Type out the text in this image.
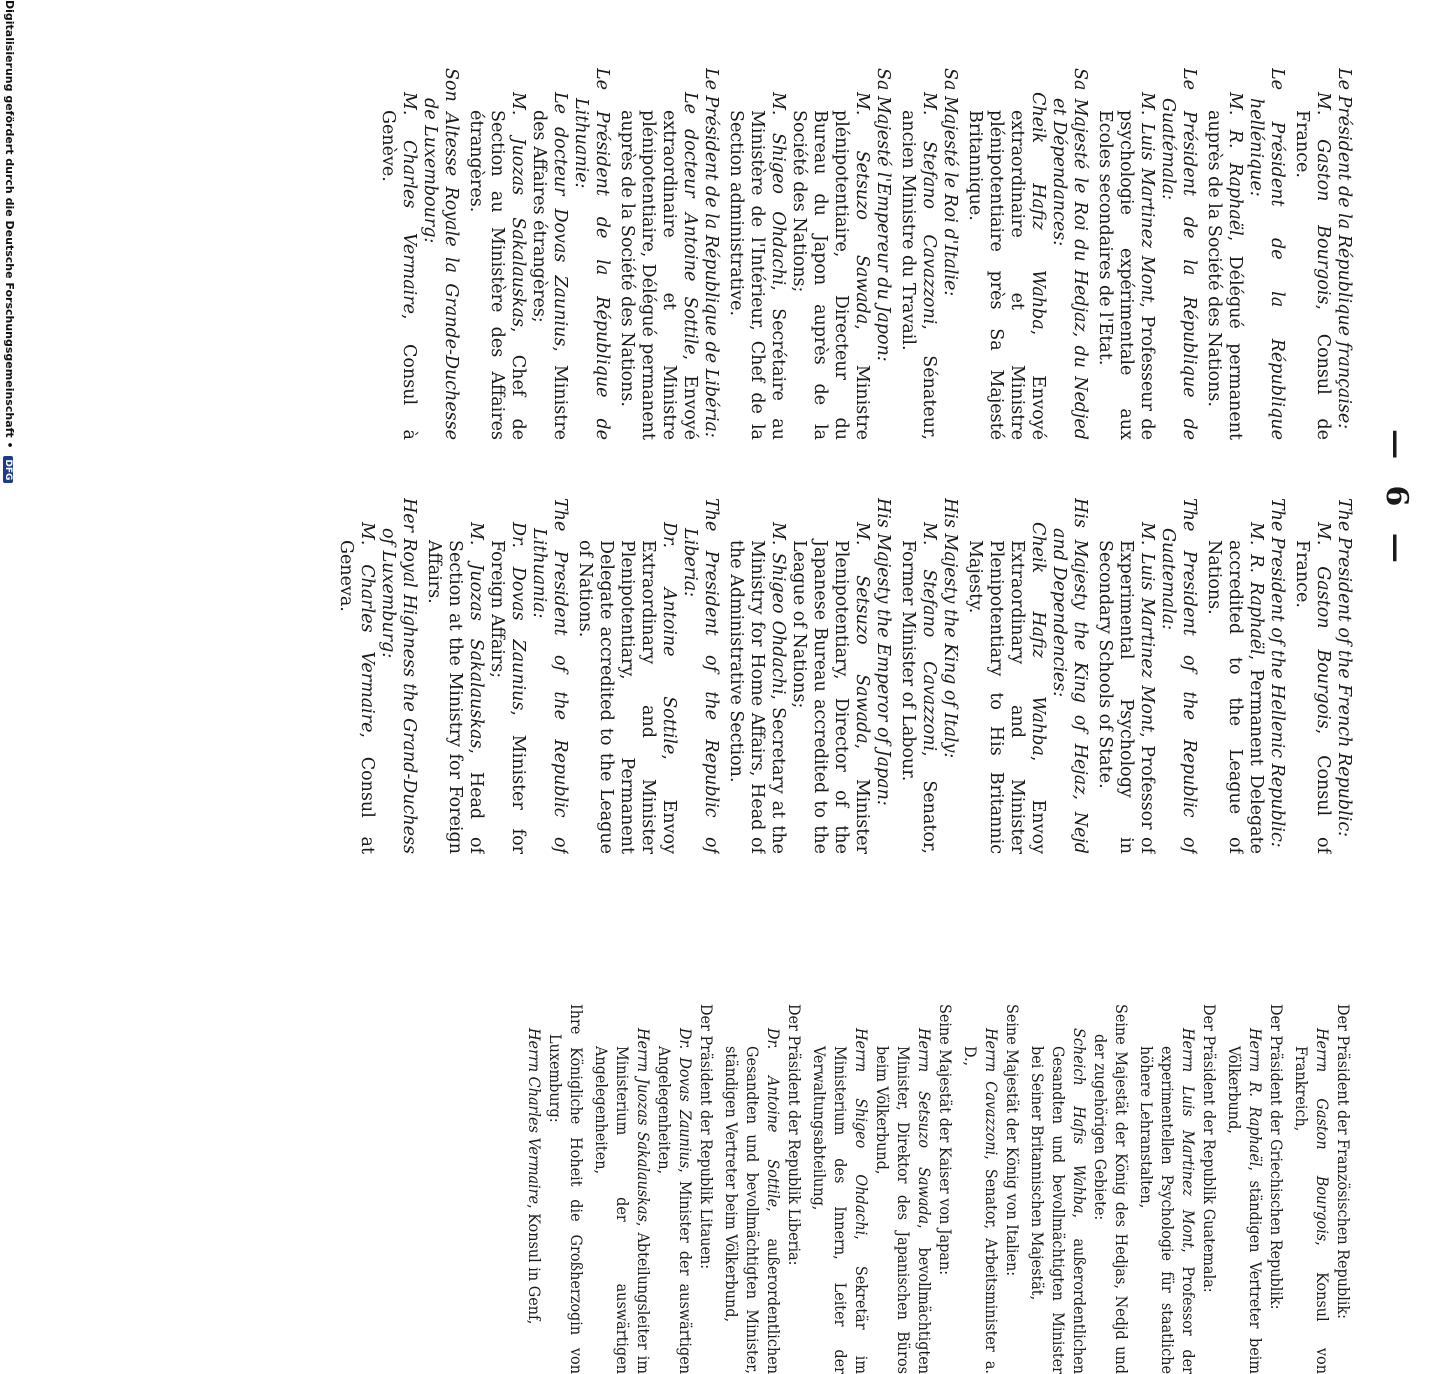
— 6 —

Le Président de la République française:

M. Gaston Bourgois, Consul de France.

Le Président de la République hellénique:

M. R. Raphaël, Délégué permanent auprès de la Société des Nations.

Le Président de la République de Guatémala:

M. Luis Martinez Mont, Professeur de psychologie expérimentale aux Ecoles secondaires de l'Etat.

Sa Majesté le Roi du Hedjaz, du Nedjed et Dépendances:

Cheik Hafiz Wahba, Envoyé extraordinaire et Ministre plénipotentiaire près Sa Majesté Britannique.

Sa Majesté le Roi d'Italie:

M. Stefano Cavazzoni, Sénateur, ancien Ministre du Travail.

Sa Majesté l'Empereur du Japon:

M. Setsuzo Sawada, Ministre plénipotentiaire, Directeur du Bureau du Japon auprès de la Société des Nations;

M. Shigeo Ohdachi, Secrétaire au Ministère de l'Intérieur, Chef de la Section administrative.

Le Président de la République de Libéria:

Le docteur Antoine Sottile, Envoyé extraordinaire et Ministre plénipotentiaire, Délégué permanent auprès de la Société des Nations.

Le Président de la République de Lithuanie:

Le docteur Dovas Zaunius, Ministre des Affaires étrangères;

M. Juozas Sakalauskas, Chef de Section au Ministère des Affaires étrangères.

Son Altesse Royale la Grande-Duchesse de Luxembourg:

M. Charles Vermaire, Consul à Genève.

The President of the French Republic:

M. Gaston Bourgois, Consul of France.

The President of the Hellenic Republic:

M. R. Raphaël, Permanent Delegate accredited to the League of Nations.

The President of the Republic of Guatemala:

M. Luis Martinez Mont, Professor of Experimental Psychology in Secondary Schools of State.

His Majesty the King of Hejaz, Nejd and Dependencies:

Cheik Hafiz Wahba, Envoy Extraordinary and Minister Plenipotentiary to His Britannic Majesty.

His Majesty the King of Italy:

M. Stefano Cavazzoni, Senator, Former Minister of Labour.

His Majesty the Emperor of Japan:

M. Setsuzo Sawada, Minister Plenipotentiary, Director of the Japanese Bureau accredited to the League of Nations;

M. Shigeo Ohdachi, Secretary at the Ministry for Home Affairs, Head of the Administrative Section.

The President of the Republic of Liberia:

Dr. Antoine Sottile, Envoy Extraordinary and Minister Plenipotentiary, Permanent Delegate accredited to the League of Nations.

The President of the Republic of Lithuania:

Dr. Dovas Zaunius, Minister for Foreign Affairs;

M. Juozas Sakalauskas, Head of Section at the Ministry for Foreign Affairs.

Her Royal Highness the Grand-Duchess of Luxemburg:

M. Charles Vermaire, Consul at Geneva.

Der Präsident der Französischen Republik:

Herrn Gaston Bourgois, Konsul von Frankreich,

Der Präsident der Griechischen Republik:

Herrn R. Raphaël, ständigen Vertreter beim Völkerbund,

Der Präsident der Republik Guatemala:

Herrn Luis Martinez Mont, Professor der experimentellen Psychologie für staatliche höhere Lehranstalten,

Seine Majestät der König des Hedjas, Nedjd und der zugehörigen Gebiete:

Scheich Hafis Wahba, außerordentlichen Gesandten und bevollmächtigten Minister bei Seiner Britannischen Majestät,

Seine Majestät der König von Italien:

Herrn Cavazzoni, Senator, Arbeitsminister a. D.,

Seine Majestät der Kaiser von Japan:

Herrn Setsuzo Sawada, bevollmächtigten Minister, Direktor des Japanischen Büros beim Völkerbund,

Herrn Shigeo Ohdachi, Sekretär im Ministerium des Innern, Leiter der Verwaltungsabteilung,

Der Präsident der Republik Liberia:

Dr. Antoine Sottile, außerordentlichen Gesandten und bevollmächtigten Minister, ständigen Vertreter beim Völkerbund,

Der Präsident der Republik Litauen:

Dr. Dovas Zaunius, Minister der auswärtigen Angelegenheiten,

Herrn Juozas Sakalauskas, Abteilungsleiter im Ministerium der auswärtigen Angelegenheiten,

Ihre Königliche Hoheit die Großherzogin von Luxemburg:

Herrn Charles Vermaire, Konsul in Genf,

Digitalisierung gefördert durch die Deutsche Forschungsgemeinschaft • DFG
